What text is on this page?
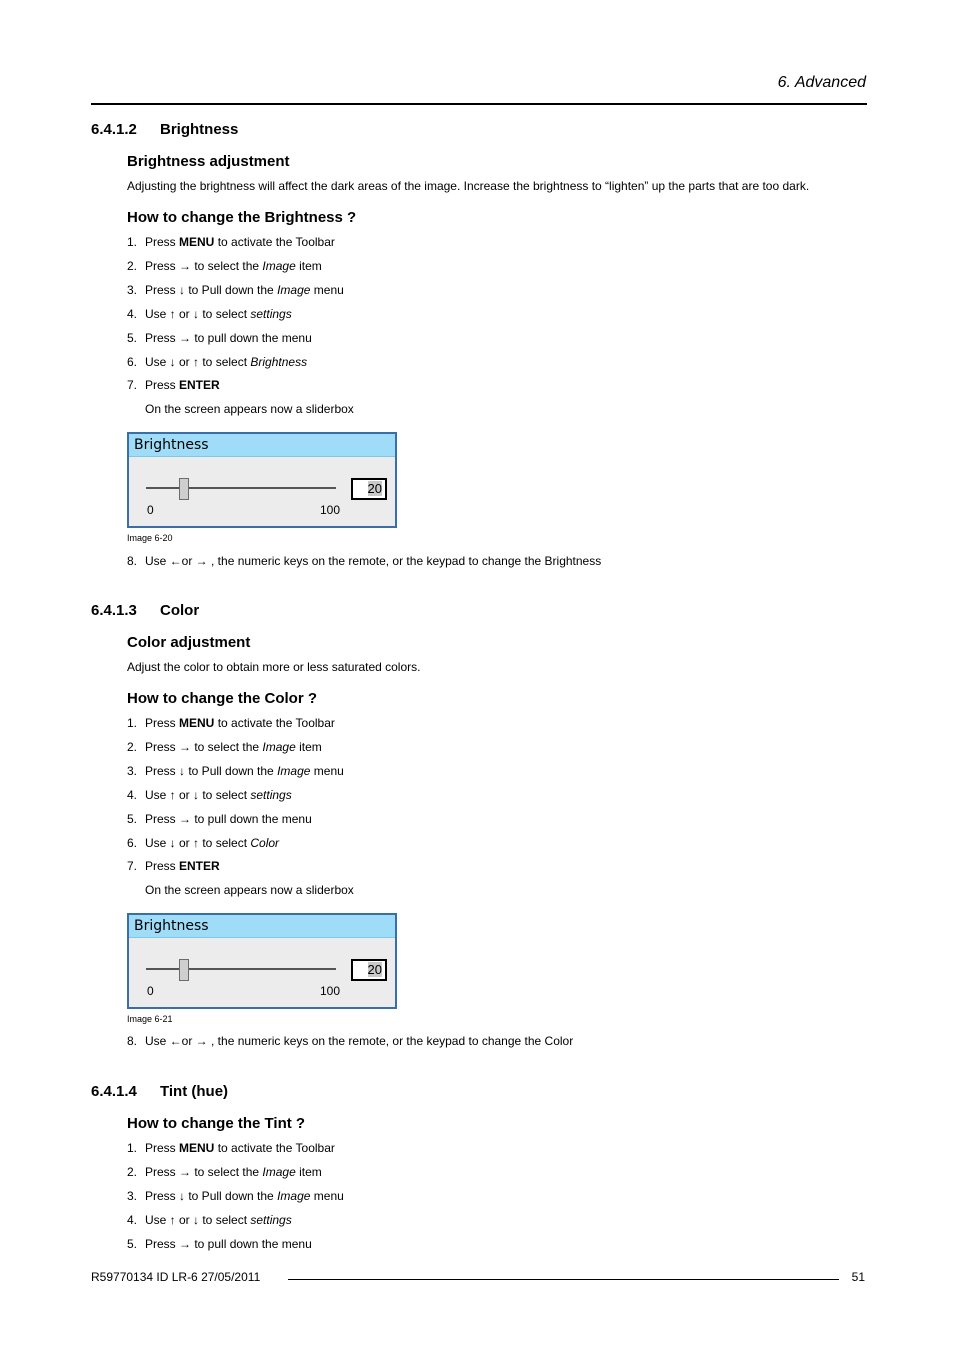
6. Advanced
6.4.1.2 Brightness
Brightness adjustment
Adjusting the brightness will affect the dark areas of the image. Increase the brightness to “lighten” up the parts that are too dark.
How to change the Brightness ?
1. Press MENU to activate the Toolbar
2. Press → to select the Image item
3. Press ↓ to Pull down the Image menu
4. Use ↑ or ↓ to select settings
5. Press → to pull down the menu
6. Use ↓ or ↑ to select Brightness
7. Press ENTER
On the screen appears now a sliderbox
Brightness
20
0	100
Image 6-20
8. Use ←or → , the numeric keys on the remote, or the keypad to change the Brightness
6.4.1.3 Color
Color adjustment
Adjust the color to obtain more or less saturated colors.
How to change the Color ?
1. Press MENU to activate the Toolbar
2. Press → to select the Image item
3. Press ↓ to Pull down the Image menu
4. Use ↑ or ↓ to select settings
5. Press → to pull down the menu
6. Use ↓ or ↑ to select Color
7. Press ENTER
On the screen appears now a sliderbox
Brightness
20
0	100
Image 6-21
8. Use ←or → , the numeric keys on the remote, or the keypad to change the Color
6.4.1.4 Tint (hue)
How to change the Tint ?
1. Press MENU to activate the Toolbar
2. Press → to select the Image item
3. Press ↓ to Pull down the Image menu
4. Use ↑ or ↓ to select settings
5. Press → to pull down the menu
R59770134 ID LR-6 27/05/2011	51
